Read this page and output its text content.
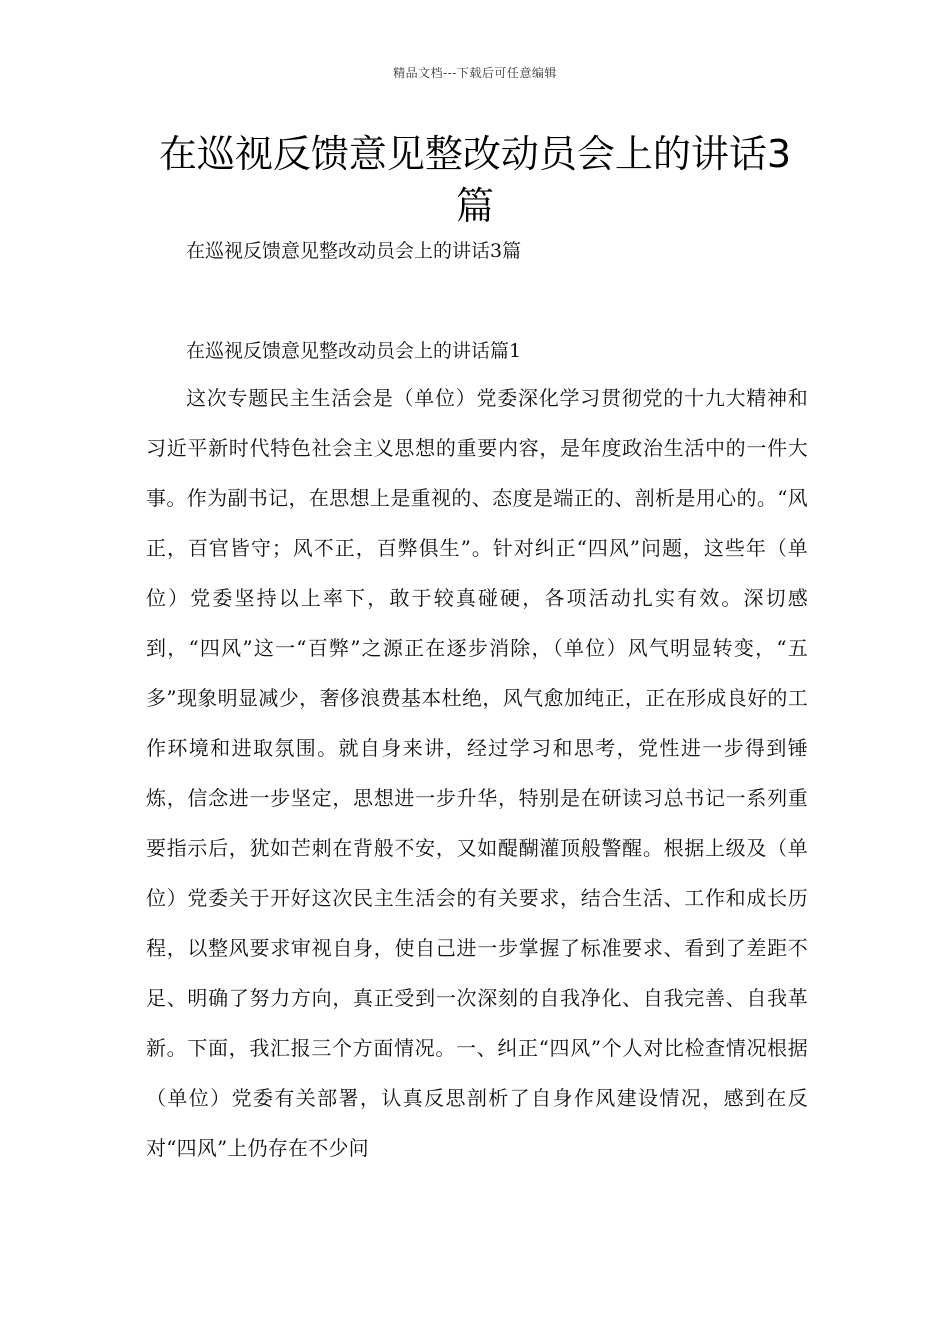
精品文档---下载后可任意编辑
在巡视反馈意见整改动员会上的讲话3篇
在巡视反馈意见整改动员会上的讲话3篇
在巡视反馈意见整改动员会上的讲话篇1

这次专题民主生活会是（单位）党委深化学习贯彻党的十九大精神和习近平新时代特色社会主义思想的重要内容，是年度政治生活中的一件大事。作为副书记，在思想上是重视的、态度是端正的、剖析是用心的。“风正，百官皆守；风不正，百弊俱生”。针对纠正“四风”问题，这些年（单位）党委坚持以上率下，敢于较真碰硬，各项活动扎实有效。深切感到，“四风”这一“百弊”之源正在逐步消除，（单位）风气明显转变，“五多”现象明显减少，奢侈浪费基本杜绝，风气愈加纯正，正在形成良好的工作环境和进取氛围。就自身来讲，经过学习和思考，党性进一步得到锤炼，信念进一步坚定，思想进一步升华，特别是在研读习总书记一系列重要指示后，犹如芒刺在背般不安，又如醍醐灌顶般警醒。根据上级及（单位）党委关于开好这次民主生活会的有关要求，结合生活、工作和成长历程，以整风要求审视自身，使自己进一步掌握了标准要求、看到了差距不足、明确了努力方向，真正受到一次深刻的自我净化、自我完善、自我革新。下面，我汇报三个方面情况。一、纠正“四风”个人对比检查情况根据（单位）党委有关部署，认真反思剖析了自身作风建设情况，感到在反对“四风”上仍存在不少问
